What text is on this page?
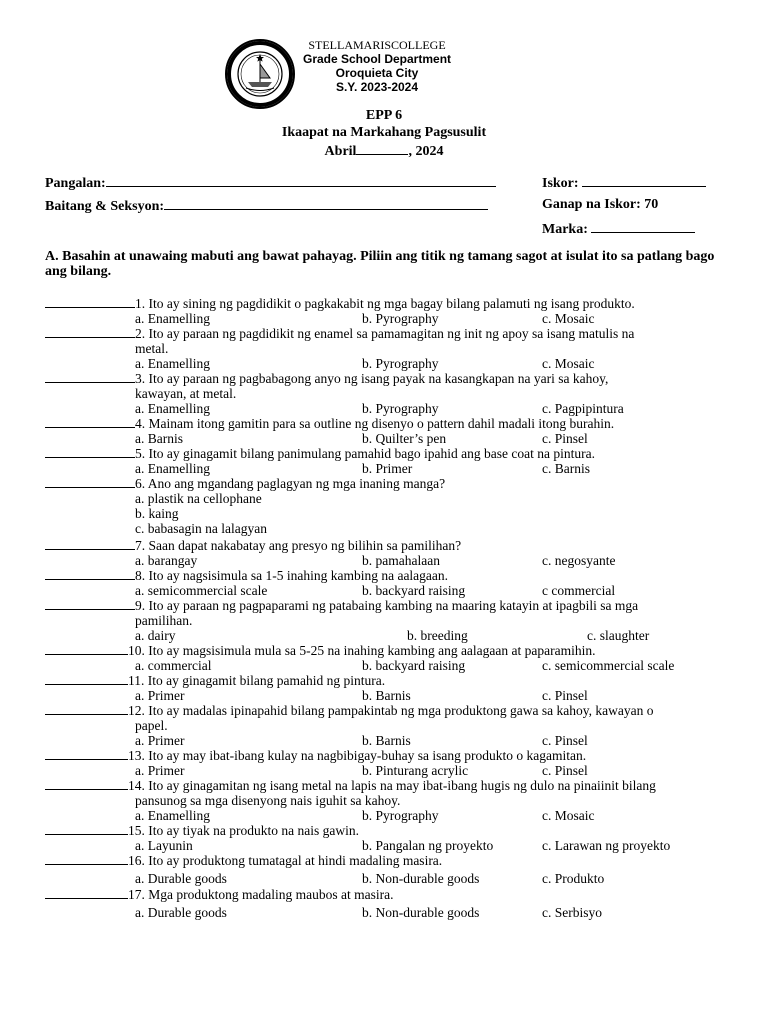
STELLAMARISCOLLEGE
Grade School Department
Oroquieta City
S.Y. 2023-2024
EPP 6
Ikaapat na Markahang Pagsusulit
Abril	, 2024
Pangalan:	Iskor:
Baitang & Seksyon:	Ganap na Iskor: 70
Marka:
A. Basahin at unawaing mabuti ang bawat pahayag. Piliin ang titik ng tamang sagot at isulat ito sa patlang bago ang bilang.
1. Ito ay sining ng pagdidikit o pagkakabit ng mga bagay bilang palamuti ng isang produkto.
a. Enamelling	b. Pyrography	c. Mosaic
2. Ito ay paraan ng pagdidikit ng enamel sa pamamagitan ng init ng apoy sa isang matulis na
metal.
a. Enamelling	b. Pyrography	c. Mosaic
3. Ito ay paraan ng pagbabagong anyo ng isang payak na kasangkapan na yari sa kahoy,
kawayan, at metal.
a. Enamelling	b. Pyrography	c. Pagpipintura
4. Mainam itong gamitin para sa outline ng disenyo o pattern dahil madali itong burahin.
a. Barnis	b. Quilter’s pen	c. Pinsel
5. Ito ay ginagamit bilang panimulang pamahid bago ipahid ang base coat na pintura.
a. Enamelling	b. Primer	c. Barnis
6. Ano ang mgandang paglagyan ng mga inaning manga?
a. plastik na cellophane
b. kaing
c. babasagin na lalagyan
7. Saan dapat nakabatay ang presyo ng bilihin sa pamilihan?
a. barangay	b. pamahalaan	c. negosyante
8. Ito ay nagsisimula sa 1-5 inahing kambing na aalagaan.
a. semicommercial scale	b. backyard raising	c commercial
9. Ito ay paraan ng pagpaparami ng patabaing kambing na maaring katayin at ipagbili sa mga
pamilihan.
a. dairy	b. breeding	c. slaughter
10. Ito ay magsisimula mula sa 5-25 na inahing kambing ang aalagaan at paparamihin.
a. commercial	b. backyard raising	c. semicommercial scale
11. Ito ay ginagamit bilang pamahid ng pintura.
a. Primer	b. Barnis	c. Pinsel
12. Ito ay madalas ipinapahid bilang pampakintab ng mga produktong gawa sa kahoy, kawayan o
papel.
a. Primer	b. Barnis	c. Pinsel
13. Ito ay may ibat-ibang kulay na nagbibigay-buhay sa isang produkto o kagamitan.
a. Primer	b. Pinturang acrylic	c. Pinsel
14. Ito ay ginagamitan ng isang metal na lapis na may ibat-ibang hugis ng dulo na pinaiinit bilang
pansunog sa mga disenyong nais iguhit sa kahoy.
a. Enamelling	b. Pyrography	c. Mosaic
15. Ito ay tiyak na produkto na nais gawin.
a. Layunin	b. Pangalan ng proyekto	c. Larawan ng proyekto
16. Ito ay produktong tumatagal at hindi madaling masira.
a. Durable goods	b. Non-durable goods	c. Produkto
17. Mga produktong madaling maubos at masira.
a. Durable goods	b. Non-durable goods	c. Serbisyo
